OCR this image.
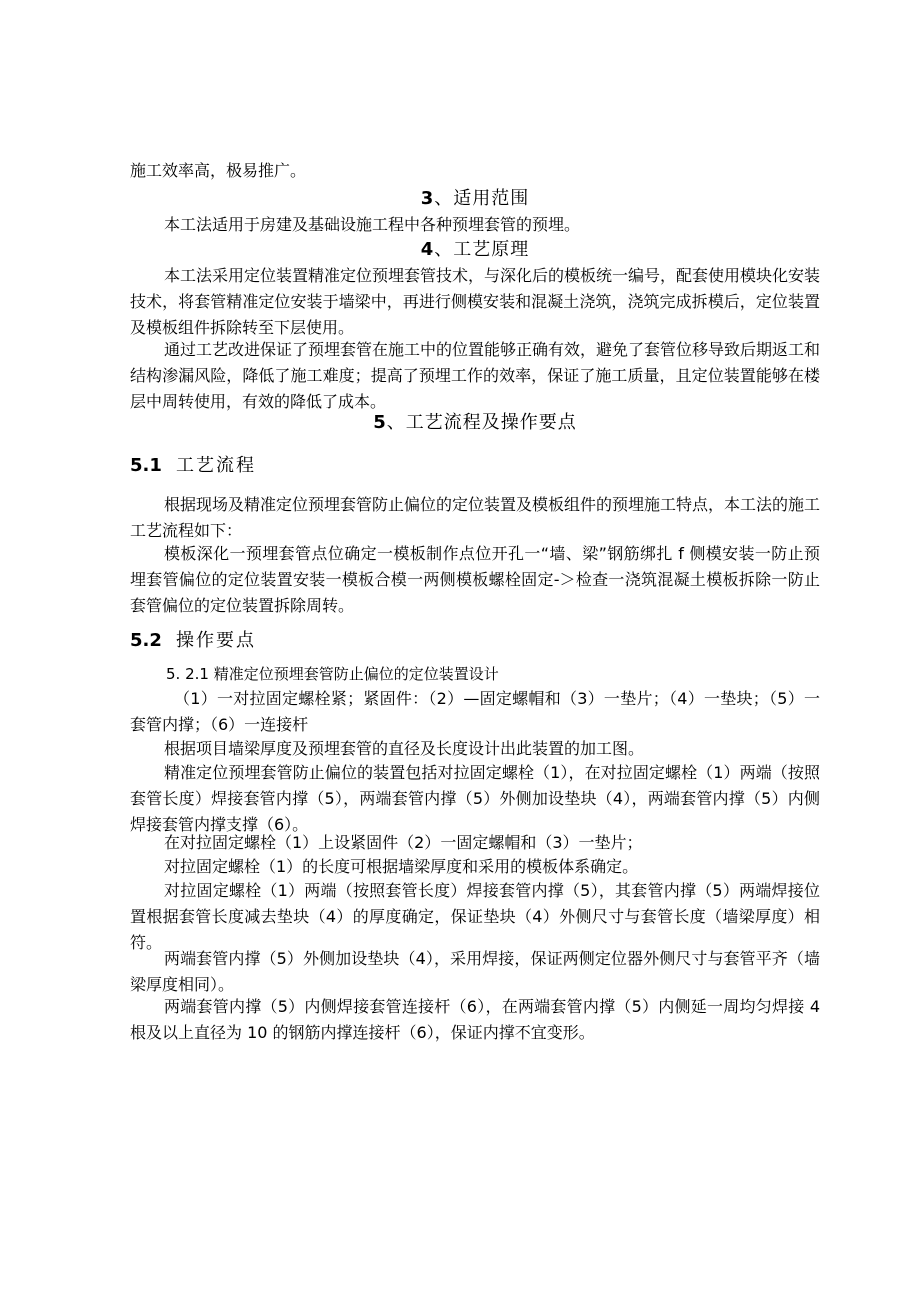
施工效率高，极易推广。
3、适用范围
本工法适用于房建及基础设施工程中各种预埋套管的预埋。
4、工艺原理
本工法采用定位装置精准定位预埋套管技术，与深化后的模板统一编号，配套使用模块化安装技术，将套管精准定位安装于墙梁中，再进行侧模安装和混凝土浇筑，浇筑完成拆模后，定位装置及模板组件拆除转至下层使用。
通过工艺改进保证了预埋套管在施工中的位置能够正确有效，避免了套管位移导致后期返工和结构渗漏风险，降低了施工难度；提高了预埋工作的效率，保证了施工质量，且定位装置能够在楼层中周转使用，有效的降低了成本。
5、工艺流程及操作要点
5.1 工艺流程
根据现场及精准定位预埋套管防止偏位的定位装置及模板组件的预埋施工特点，本工法的施工工艺流程如下：
模板深化一预埋套管点位确定一模板制作点位开孔一“墙、梁”钢筋绑扎 f 侧模安装一防止预埋套管偏位的定位装置安装一模板合模一两侧模板螺栓固定-＞检查一浇筑混凝土模板拆除一防止套管偏位的定位装置拆除周转。
5.2 操作要点
5. 2.1 精准定位预埋套管防止偏位的定位装置设计
（1）一对拉固定螺栓紧；紧固件：（2）—固定螺帽和（3）一垫片；（4）一垫块；（5）一套管内撑；（6）一连接杆
根据项目墙梁厚度及预埋套管的直径及长度设计出此装置的加工图。
精准定位预埋套管防止偏位的装置包括对拉固定螺栓（1），在对拉固定螺栓（1）两端（按照套管长度）焊接套管内撑（5），两端套管内撑（5）外侧加设垫块（4），两端套管内撑（5）内侧焊接套管内撑支撑（6）。
在对拉固定螺栓（1）上设紧固件（2）一固定螺帽和（3）一垫片；
对拉固定螺栓（1）的长度可根据墙梁厚度和采用的模板体系确定。
对拉固定螺栓（1）两端（按照套管长度）焊接套管内撑（5），其套管内撑（5）两端焊接位置根据套管长度减去垫块（4）的厚度确定，保证垫块（4）外侧尺寸与套管长度（墙梁厚度）相符。
两端套管内撑（5）外侧加设垫块（4），采用焊接，保证两侧定位器外侧尺寸与套管平齐（墙梁厚度相同）。
两端套管内撑（5）内侧焊接套管连接杆（6），在两端套管内撑（5）内侧延一周均匀焊接 4 根及以上直径为 10 的钢筋内撑连接杆（6），保证内撑不宜变形。
